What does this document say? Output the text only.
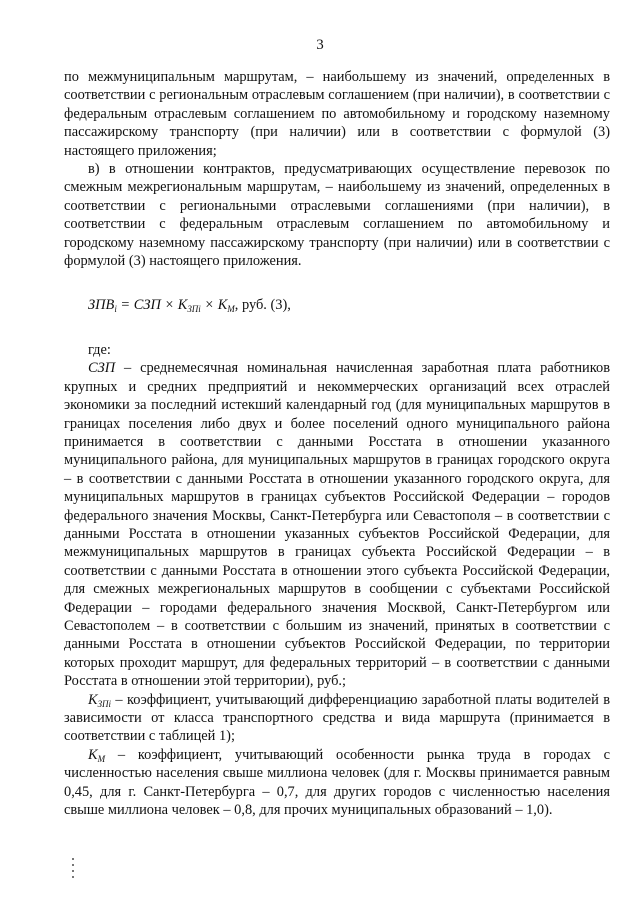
3

по межмуниципальным маршрутам, – наибольшему из значений, определенных в соответствии с региональным отраслевым соглашением (при наличии), в соответствии с федеральным отраслевым соглашением по автомобильному и городскому наземному пассажирскому транспорту (при наличии) или в соответствии с формулой (3) настоящего приложения;

в) в отношении контрактов, предусматривающих осуществление перевозок по смежным межрегиональным маршрутам, – наибольшему из значений, определенных в соответствии с региональными отраслевыми соглашениями (при наличии), в соответствии с федеральным отраслевым соглашением по автомобильному и городскому наземному пассажирскому транспорту (при наличии) или в соответствии с формулой (3) настоящего приложения.

$ЗПВ_i$ = СЗП × $К_{ЗПi} \times К_М$, руб. (3),

где:

СЗП – среднемесячная номинальная начисленная заработная плата работников крупных и средних предприятий и некоммерческих организаций всех отраслей экономики за последний истекший календарный год (для муниципальных маршрутов в границах поселения либо двух и более поселений одного муниципального района принимается в соответствии с данными Росстата в отношении указанного муниципального района, для муниципальных маршрутов в границах городского округа – в соответствии с данными Росстата в отношении указанного городского округа, для муниципальных маршрутов в границах субъектов Российской Федерации – городов федерального значения Москвы, Санкт-Петербурга или Севастополя – в соответствии с данными Росстата в отношении указанных субъектов Российской Федерации, для межмуниципальных маршрутов в границах субъекта Российской Федерации – в соответствии с данными Росстата в отношении этого субъекта Российской Федерации, для смежных межрегиональных маршрутов в сообщении с субъектами Российской Федерации – городами федерального значения Москвой, Санкт-Петербургом или Севастополем – в соответствии с большим из значений, принятых в соответствии с данными Росстата в отношении субъектов Российской Федерации, по территории которых проходит маршрут, для федеральных территорий – в соответствии с данными Росстата в отношении этой территории), руб.;

$К_{ЗПi}$ – коэффициент, учитывающий дифференциацию заработной платы водителей в зависимости от класса транспортного средства и вида маршрута (принимается в соответствии с таблицей 1);

$К_М$ – коэффициент, учитывающий особенности рынка труда в городах с численностью населения свыше миллиона человек (для г. Москвы принимается равным 0,45, для г. Санкт-Петербурга – 0,7, для других городов с численностью населения свыше миллиона человек – 0,8, для прочих муниципальных образований – 1,0).
